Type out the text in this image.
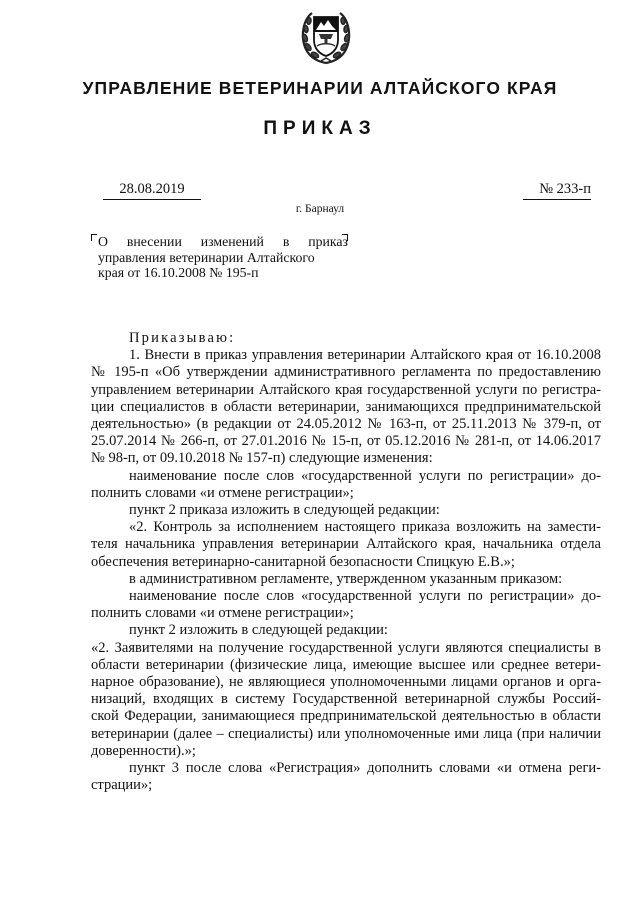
УПРАВЛЕНИЕ ВЕТЕРИНАРИИ АЛТАЙСКОГО КРАЯ
ПРИКАЗ
28.08.2019	№ 233-п
г. Барнаул
О внесении изменений в приказ
управления ветеринарии Алтайского
края от 16.10.2008 № 195-п
Приказываю:
1. Внести в приказ управления ветеринарии Алтайского края от 16.10.2008
№ 195-п «Об утверждении административного регламента по предоставлению
управлением ветеринарии Алтайского края государственной услуги по регистра-
ции специалистов в области ветеринарии, занимающихся предпринимательской
деятельностью» (в редакции от 24.05.2012 № 163-п, от 25.11.2013 № 379-п, от
25.07.2014 № 266-п, от 27.01.2016 № 15-п, от 05.12.2016 № 281-п, от 14.06.2017
№ 98-п, от 09.10.2018 № 157-п) следующие изменения:
наименование после слов «государственной услуги по регистрации» до-
полнить словами «и отмене регистрации»;
пункт 2 приказа изложить в следующей редакции:
«2. Контроль за исполнением настоящего приказа возложить на замести-
теля начальника управления ветеринарии Алтайского края, начальника отдела
обеспечения ветеринарно-санитарной безопасности Спицкую Е.В.»;
в административном регламенте, утвержденном указанным приказом:
наименование после слов «государственной услуги по регистрации» до-
полнить словами «и отмене регистрации»;
пункт 2 изложить в следующей редакции:
«2. Заявителями на получение государственной услуги являются специалисты в
области ветеринарии (физические лица, имеющие высшее или среднее ветери-
нарное образование), не являющиеся уполномоченными лицами органов и орга-
низаций, входящих в систему Государственной ветеринарной службы Россий-
ской Федерации, занимающиеся предпринимательской деятельностью в области
ветеринарии (далее – специалисты) или уполномоченные ими лица (при наличии
доверенности).»;
пункт 3 после слова «Регистрация» дополнить словами «и отмена реги-
страции»;
